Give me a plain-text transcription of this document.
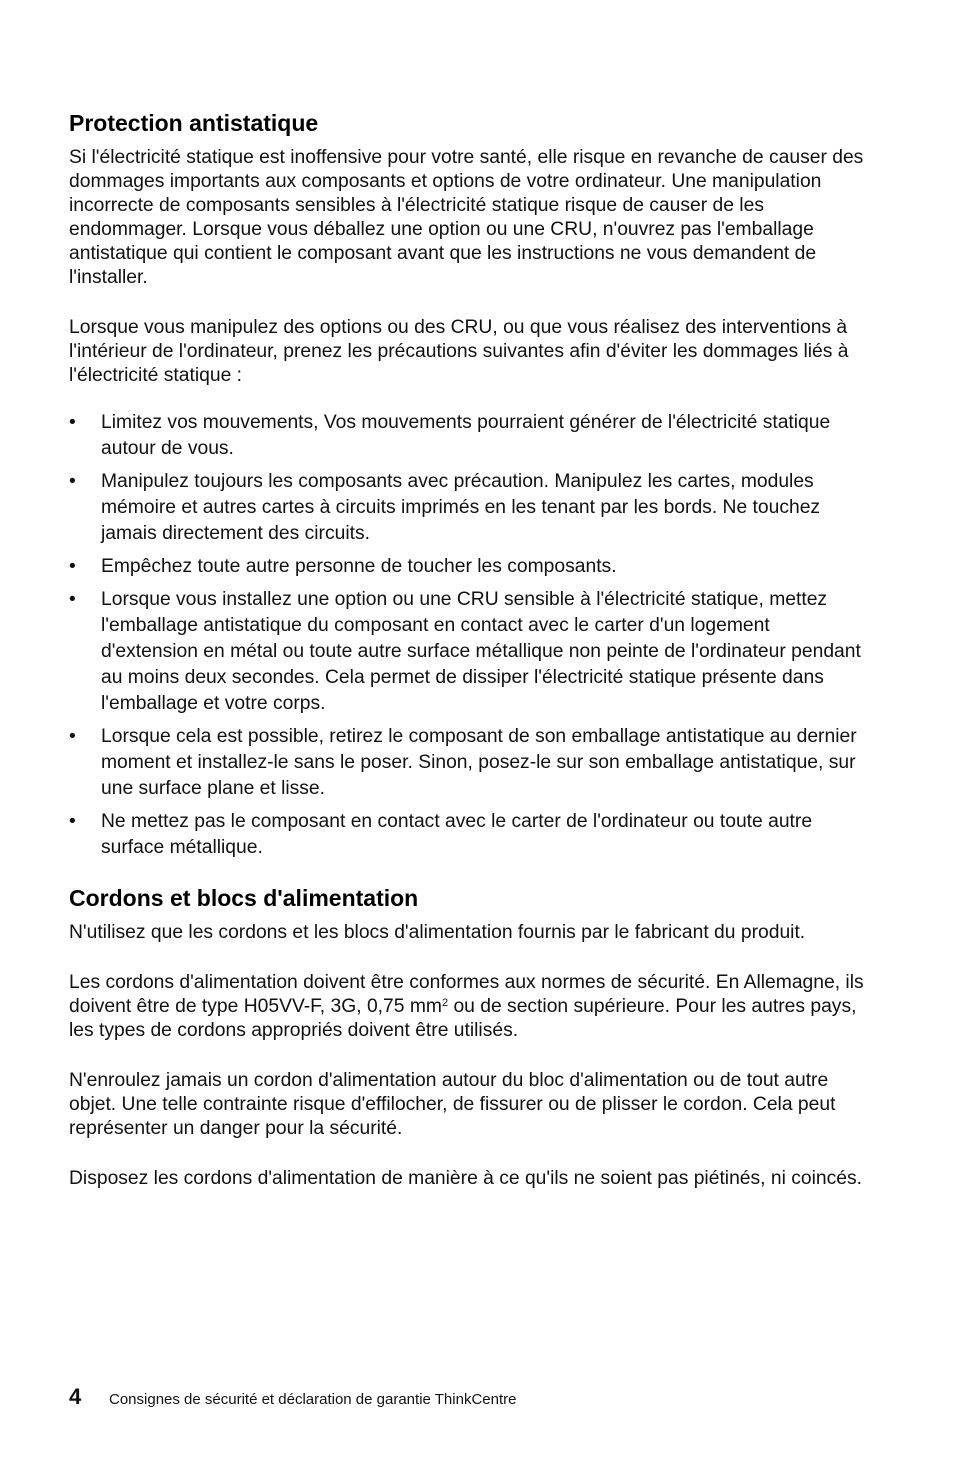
Protection antistatique

Si l'électricité statique est inoffensive pour votre santé, elle risque en revanche de causer des dommages importants aux composants et options de votre ordinateur. Une manipulation incorrecte de composants sensibles à l'électricité statique risque de causer de les endommager. Lorsque vous déballez une option ou une CRU, n'ouvrez pas l'emballage antistatique qui contient le composant avant que les instructions ne vous demandent de l'installer.

Lorsque vous manipulez des options ou des CRU, ou que vous réalisez des interventions à l'intérieur de l'ordinateur, prenez les précautions suivantes afin d'éviter les dommages liés à l'électricité statique :

• Limitez vos mouvements, Vos mouvements pourraient générer de l'électricité statique autour de vous.
• Manipulez toujours les composants avec précaution. Manipulez les cartes, modules mémoire et autres cartes à circuits imprimés en les tenant par les bords. Ne touchez jamais directement des circuits.
• Empêchez toute autre personne de toucher les composants.
• Lorsque vous installez une option ou une CRU sensible à l'électricité statique, mettez l'emballage antistatique du composant en contact avec le carter d'un logement d'extension en métal ou toute autre surface métallique non peinte de l'ordinateur pendant au moins deux secondes. Cela permet de dissiper l'électricité statique présente dans l'emballage et votre corps.
• Lorsque cela est possible, retirez le composant de son emballage antistatique au dernier moment et installez-le sans le poser. Sinon, posez-le sur son emballage antistatique, sur une surface plane et lisse.
• Ne mettez pas le composant en contact avec le carter de l'ordinateur ou toute autre surface métallique.
Cordons et blocs d'alimentation

N'utilisez que les cordons et les blocs d'alimentation fournis par le fabricant du produit.

Les cordons d'alimentation doivent être conformes aux normes de sécurité. En Allemagne, ils doivent être de type H05VV-F, 3G, 0,75 $mm^2$ ou de section supérieure. Pour les autres pays, les types de cordons appropriés doivent être utilisés.

N'enroulez jamais un cordon d'alimentation autour du bloc d'alimentation ou de tout autre objet. Une telle contrainte risque d'effilocher, de fissurer ou de plisser le cordon. Cela peut représenter un danger pour la sécurité.

Disposez les cordons d'alimentation de manière à ce qu'ils ne soient pas piétinés, ni coincés.

4	Consignes de sécurité et déclaration de garantie ThinkCentre
